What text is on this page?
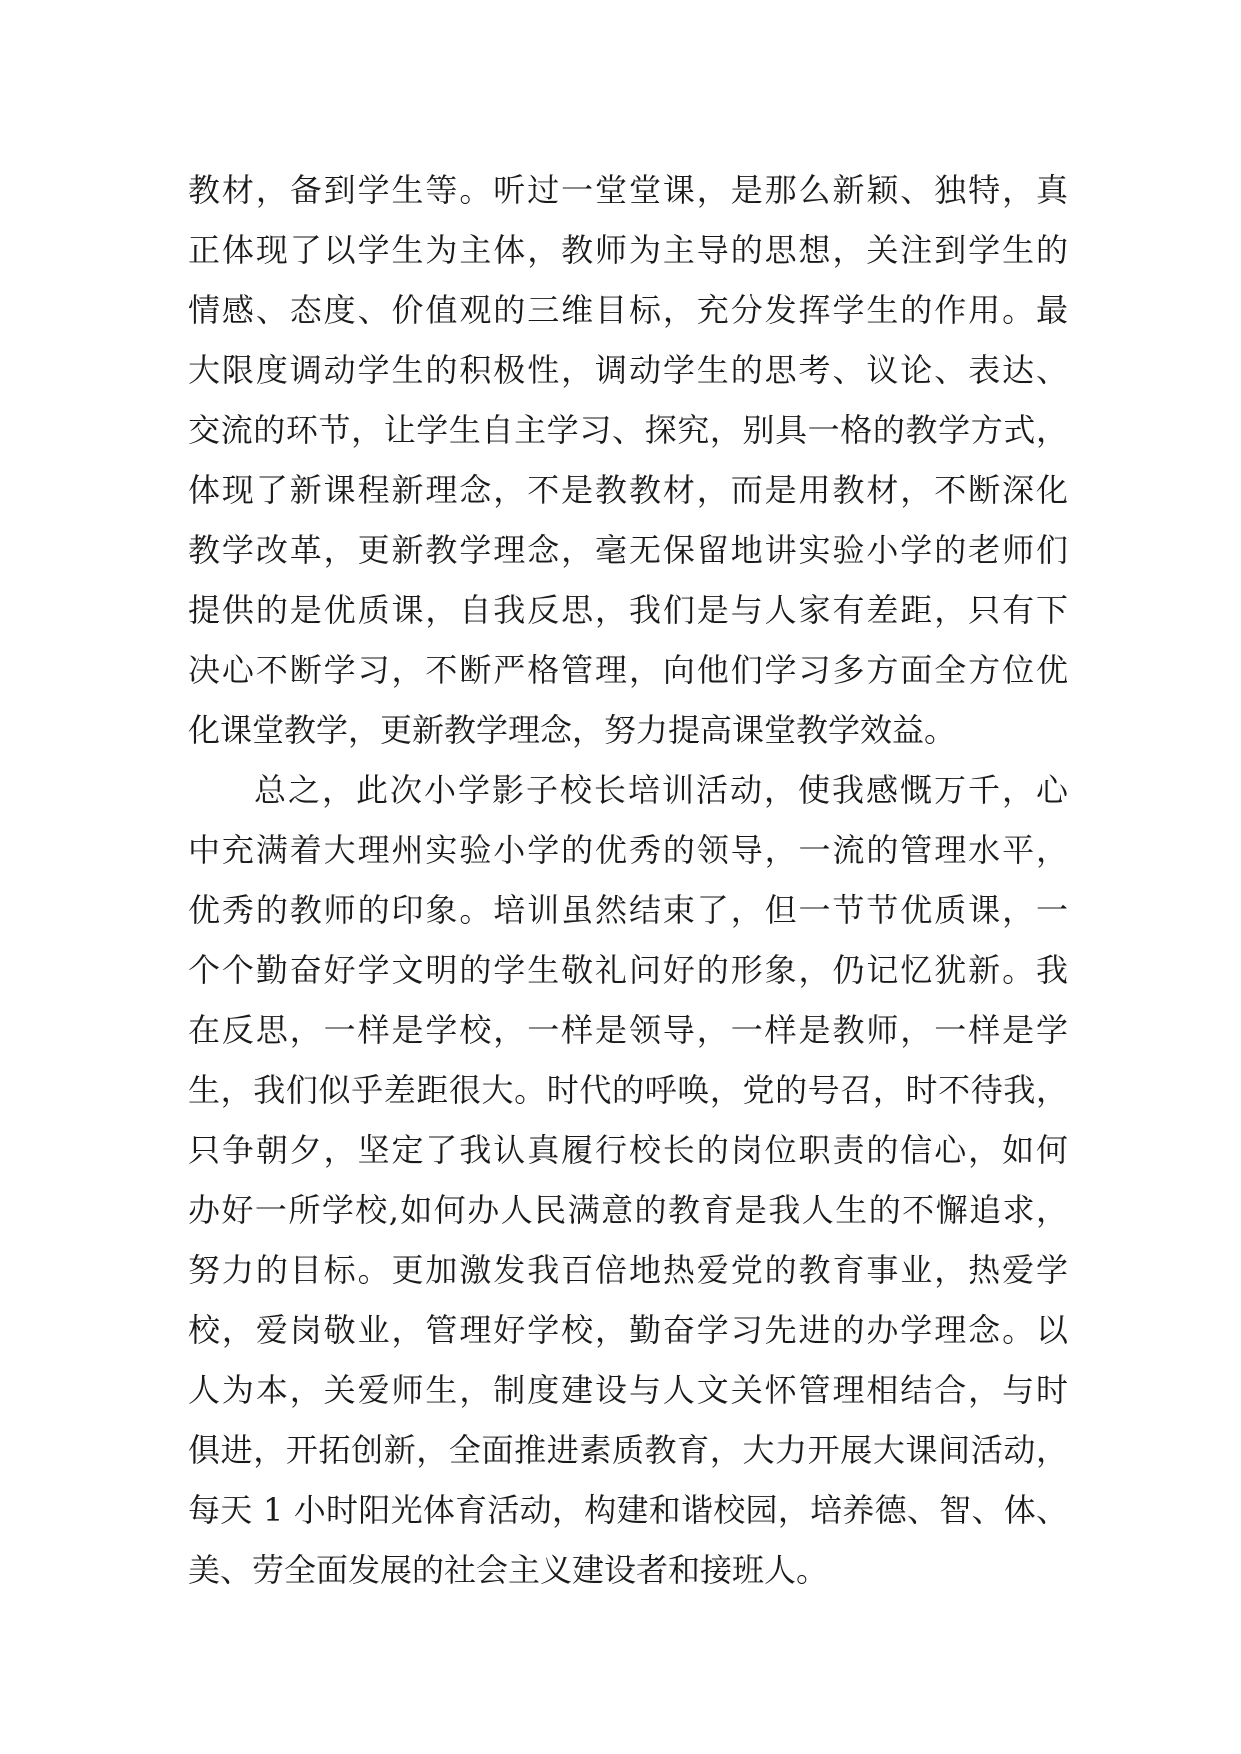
教材，备到学生等。听过一堂堂课，是那么新颖、独特，真
正体现了以学生为主体，教师为主导的思想，关注到学生的
情感、态度、价值观的三维目标，充分发挥学生的作用。最
大限度调动学生的积极性，调动学生的思考、议论、表达、
交流的环节，让学生自主学习、探究，别具一格的教学方式，
体现了新课程新理念，不是教教材，而是用教材，不断深化
教学改革，更新教学理念，毫无保留地讲实验小学的老师们
提供的是优质课，自我反思，我们是与人家有差距，只有下
决心不断学习，不断严格管理，向他们学习多方面全方位优
化课堂教学，更新教学理念，努力提高课堂教学效益。
总之，此次小学影子校长培训活动，使我感慨万千，心
中充满着大理州实验小学的优秀的领导，一流的管理水平，
优秀的教师的印象。培训虽然结束了，但一节节优质课，一
个个勤奋好学文明的学生敬礼问好的形象，仍记忆犹新。我
在反思，一样是学校，一样是领导，一样是教师，一样是学
生，我们似乎差距很大。时代的呼唤，党的号召，时不待我，
只争朝夕，坚定了我认真履行校长的岗位职责的信心，如何
办好一所学校,如何办人民满意的教育是我人生的不懈追求，
努力的目标。更加激发我百倍地热爱党的教育事业，热爱学
校，爱岗敬业，管理好学校，勤奋学习先进的办学理念。以
人为本，关爱师生，制度建设与人文关怀管理相结合，与时
俱进，开拓创新，全面推进素质教育，大力开展大课间活动，
每天 1 小时阳光体育活动，构建和谐校园，培养德、智、体、
美、劳全面发展的社会主义建设者和接班人。
